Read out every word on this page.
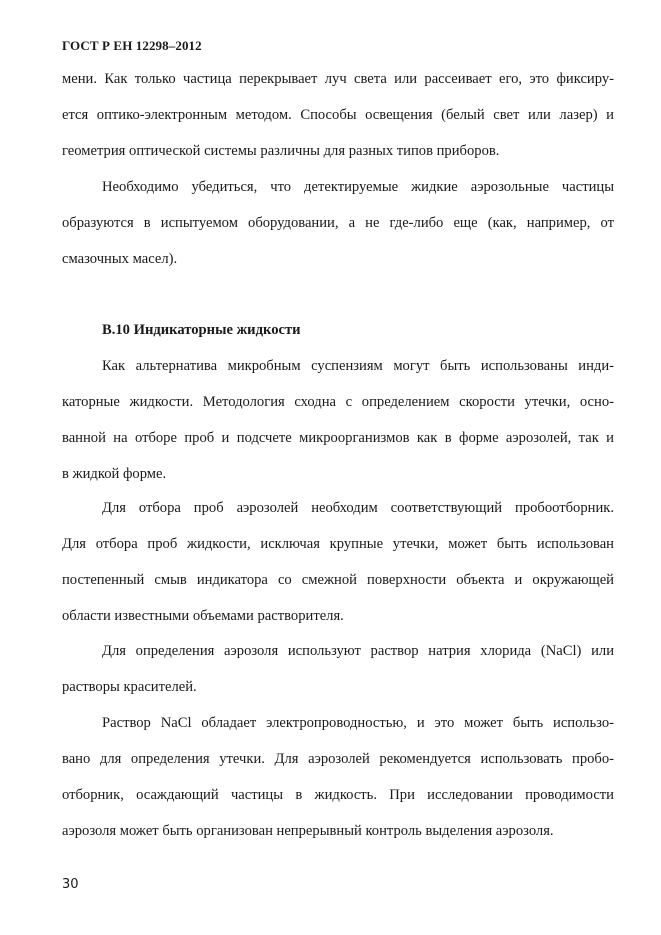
ГОСТ Р ЕН 12298–2012

мени. Как только частица перекрывает луч света или рассеивает его, это фиксиру-
ется оптико-электронным методом. Способы освещения (белый свет или лазер) и
геометрия оптической системы различны для разных типов приборов.

Необходимо убедиться, что детектируемые жидкие аэрозольные частицы
образуются в испытуемом оборудовании, а не где-либо еще (как, например, от
смазочных масел).

B.10 Индикаторные жидкости

Как альтернатива микробным суспензиям могут быть использованы инди-
каторные жидкости. Методология сходна с определением скорости утечки, осно-
ванной на отборе проб и подсчете микроорганизмов как в форме аэрозолей, так и
в жидкой форме.

Для отбора проб аэрозолей необходим соответствующий пробоотборник.
Для отбора проб жидкости, исключая крупные утечки, может быть использован
постепенный смыв индикатора со смежной поверхности объекта и окружающей
области известными объемами растворителя.

Для определения аэрозоля используют раствор натрия хлорида (NaCl) или
растворы красителей.

Раствор NaCl обладает электропроводностью, и это может быть использо-
вано для определения утечки. Для аэрозолей рекомендуется использовать пробо-
отборник, осаждающий частицы в жидкость. При исследовании проводимости
аэрозоля может быть организован непрерывный контроль выделения аэрозоля.

30
